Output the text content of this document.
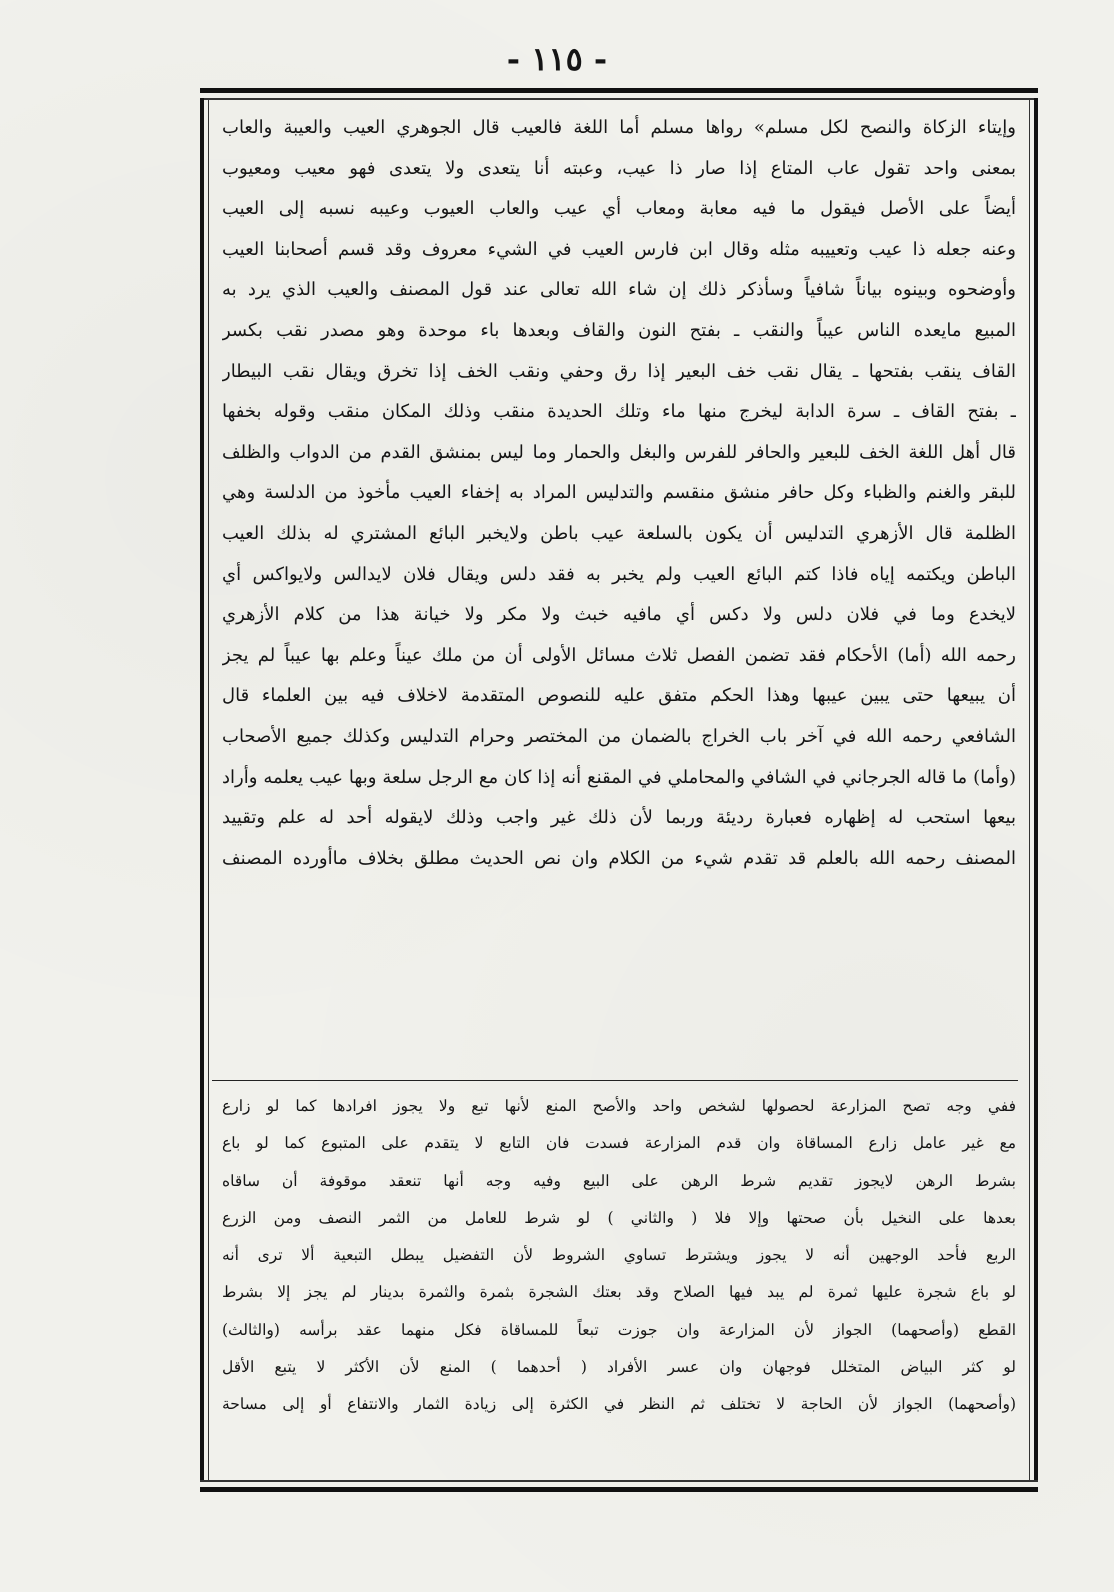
- ١١٥ -
وإيتاء الزكاة والنصح لكل مسلم» رواها مسلم أما اللغة فالعيب قال الجوهري العيب والعيبة والعاب
بمعنى واحد تقول عاب المتاع إذا صار ذا عيب، وعبته أنا يتعدى ولا يتعدى فهو معيب ومعيوب
أيضاً على الأصل فيقول ما فيه معابة ومعاب أي عيب والعاب العيوب وعيبه نسبه إلى العيب
وعنه جعله ذا عيب وتعييبه مثله وقال ابن فارس العيب في الشيء معروف وقد قسم أصحابنا العيب
وأوضحوه وبينوه بياناً شافياً وسأذكر ذلك إن شاء الله تعالى عند قول المصنف والعيب الذي يرد به
المبيع مايعده الناس عيباً والنقب ـ بفتح النون والقاف وبعدها باء موحدة وهو مصدر نقب بكسر
القاف ينقب بفتحها ـ يقال نقب خف البعير إذا رق وحفي ونقب الخف إذا تخرق ويقال نقب البيطار
ـ بفتح القاف ـ سرة الدابة ليخرج منها ماء وتلك الحديدة منقب وذلك المكان منقب وقوله بخفها
قال أهل اللغة الخف للبعير والحافر للفرس والبغل والحمار وما ليس بمنشق القدم من الدواب والظلف
للبقر والغنم والظباء وكل حافر منشق منقسم والتدليس المراد به إخفاء العيب مأخوذ من الدلسة وهي
الظلمة قال الأزهري التدليس أن يكون بالسلعة عيب باطن ولايخبر البائع المشتري له بذلك العيب
الباطن ويكتمه إياه فاذا كتم البائع العيب ولم يخبر به فقد دلس ويقال فلان لايدالس ولايواكس أي
لايخدع وما في فلان دلس ولا دكس أي مافيه خبث ولا مكر ولا خيانة هذا من كلام الأزهري
رحمه الله (أما) الأحكام فقد تضمن الفصل ثلاث مسائل الأولى أن من ملك عيناً وعلم بها عيباً لم يجز
أن يبيعها حتى يبين عيبها وهذا الحكم متفق عليه للنصوص المتقدمة لاخلاف فيه بين العلماء قال
الشافعي رحمه الله في آخر باب الخراج بالضمان من المختصر وحرام التدليس وكذلك جميع الأصحاب
(وأما) ما قاله الجرجاني في الشافي والمحاملي في المقنع أنه إذا كان مع الرجل سلعة وبها عيب يعلمه وأراد
بيعها استحب له إظهاره فعبارة رديئة وربما لأن ذلك غير واجب وذلك لايقوله أحد له علم وتقييد
المصنف رحمه الله بالعلم قد تقدم شيء من الكلام وان نص الحديث مطلق بخلاف ماأورده المصنف
ففي وجه تصح المزارعة لحصولها لشخص واحد والأصح المنع لأنها تبع ولا يجوز افرادها كما لو زارع
مع غير عامل زارع المساقاة وان قدم المزارعة فسدت فان التابع لا يتقدم على المتبوع كما لو باع
بشرط الرهن لايجوز تقديم شرط الرهن على البيع وفيه وجه أنها تنعقد موقوفة أن ساقاه
بعدها على النخيل بأن صحتها وإلا فلا ( والثاني ) لو شرط للعامل من الثمر النصف ومن الزرع
الربع فأحد الوجهين أنه لا يجوز ويشترط تساوي الشروط لأن التفضيل يبطل التبعية ألا ترى أنه
لو باع شجرة عليها ثمرة لم يبد فيها الصلاح وقد بعتك الشجرة بثمرة والثمرة بدينار لم يجز إلا بشرط
القطع (وأصحهما) الجواز لأن المزارعة وان جوزت تبعاً للمساقاة فكل منهما عقد برأسه (والثالث)
لو كثر البياض المتخلل فوجهان وان عسر الأفراد ( أحدهما ) المنع لأن الأكثر لا يتبع الأقل
(وأصحهما) الجواز لأن الحاجة لا تختلف ثم النظر في الكثرة إلى زيادة الثمار والانتفاع أو إلى مساحة
